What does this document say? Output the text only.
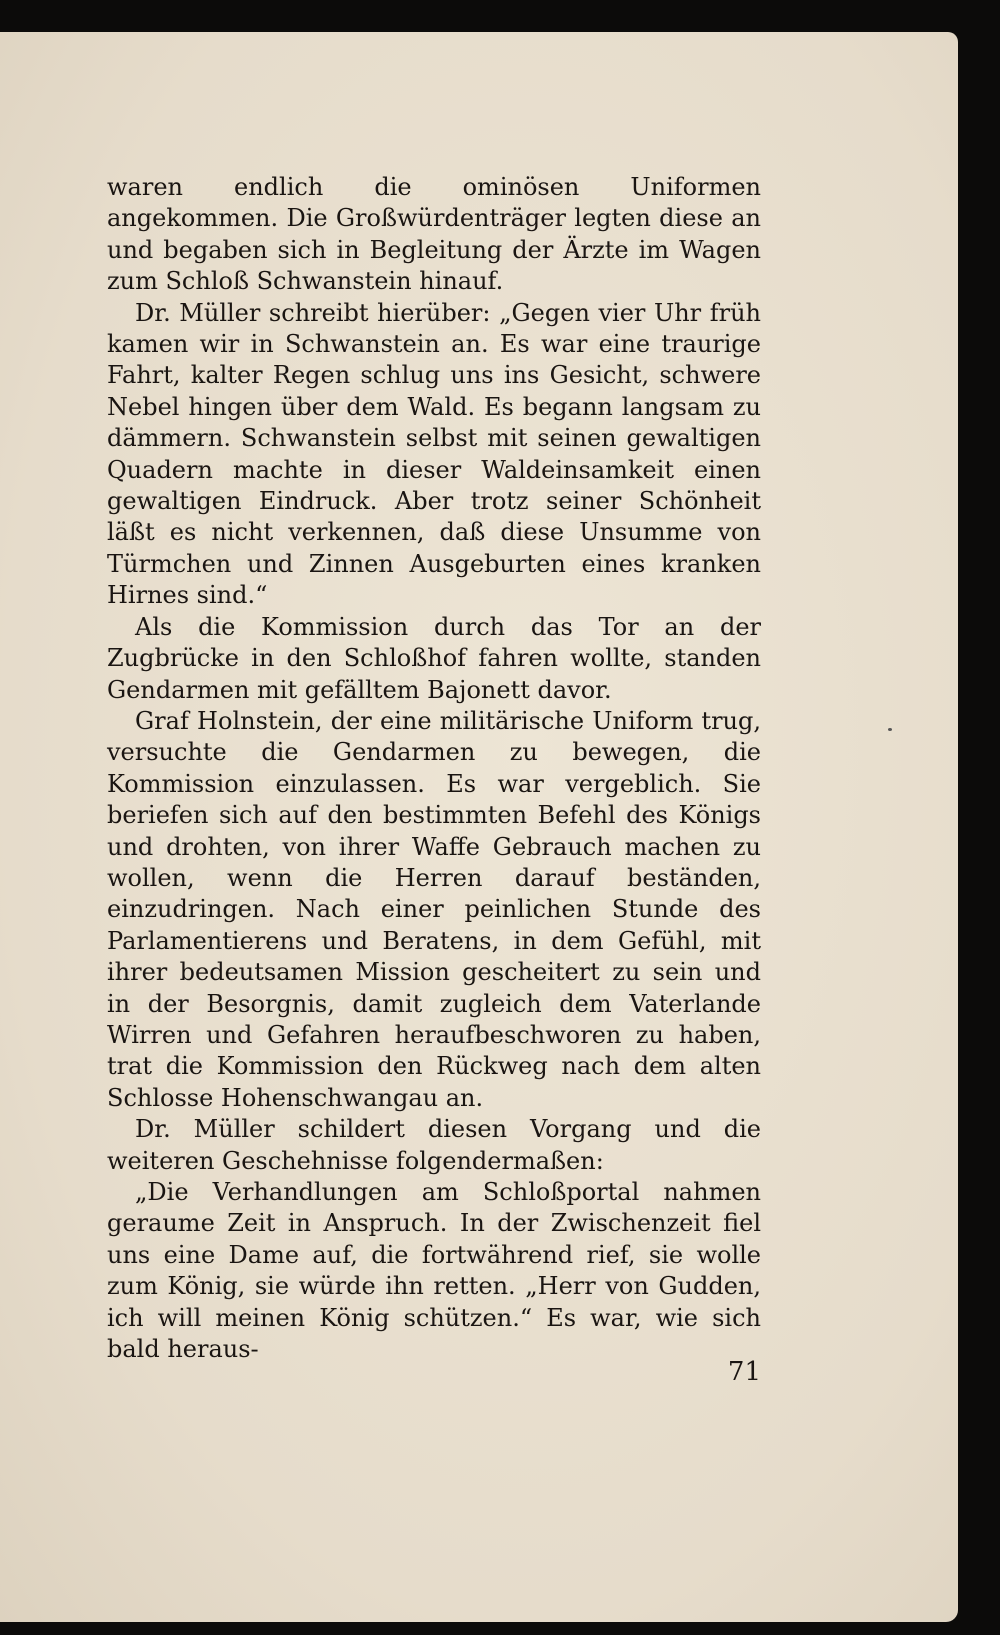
waren endlich die ominösen Uniformen angekommen. Die Großwürdenträger legten diese an und begaben sich in Begleitung der Ärzte im Wagen zum Schloß Schwanstein hinauf.

Dr. Müller schreibt hierüber: „Gegen vier Uhr früh kamen wir in Schwanstein an. Es war eine traurige Fahrt, kalter Regen schlug uns ins Gesicht, schwere Nebel hingen über dem Wald. Es begann langsam zu dämmern. Schwanstein selbst mit seinen gewaltigen Quadern machte in dieser Waldeinsamkeit einen gewaltigen Eindruck. Aber trotz seiner Schönheit läßt es nicht verkennen, daß diese Unsumme von Türmchen und Zinnen Ausgeburten eines kranken Hirnes sind.“

Als die Kommission durch das Tor an der Zugbrücke in den Schloßhof fahren wollte, standen Gendarmen mit gefälltem Bajonett davor.

Graf Holnstein, der eine militärische Uniform trug, versuchte die Gendarmen zu bewegen, die Kommission einzulassen. Es war vergeblich. Sie beriefen sich auf den bestimmten Befehl des Königs und drohten, von ihrer Waffe Gebrauch machen zu wollen, wenn die Herren darauf beständen, einzudringen. Nach einer peinlichen Stunde des Parlamentierens und Beratens, in dem Gefühl, mit ihrer bedeutsamen Mission gescheitert zu sein und in der Besorgnis, damit zugleich dem Vaterlande Wirren und Gefahren heraufbeschworen zu haben, trat die Kommission den Rückweg nach dem alten Schlosse Hohenschwangau an.

Dr. Müller schildert diesen Vorgang und die weiteren Geschehnisse folgendermaßen:

„Die Verhandlungen am Schloßportal nahmen geraume Zeit in Anspruch. In der Zwischenzeit fiel uns eine Dame auf, die fortwährend rief, sie wolle zum König, sie würde ihn retten. „Herr von Gudden, ich will meinen König schützen.“ Es war, wie sich bald heraus-

71
